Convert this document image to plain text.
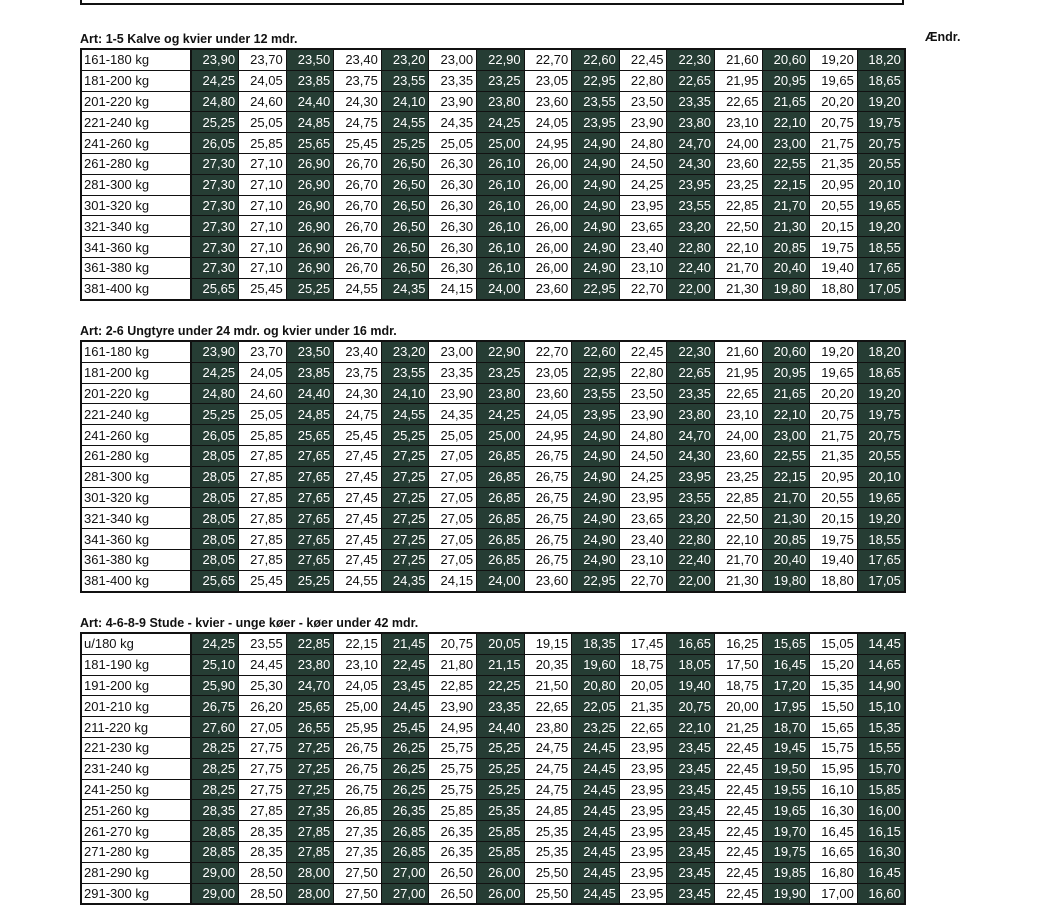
Ændr.
Art: 1-5 Kalve og kvier under 12 mdr.
161-180 kg	23,90	23,70	23,50	23,40	23,20	23,00	22,90	22,70	22,60	22,45	22,30	21,60	20,60	19,20	18,20
181-200 kg	24,25	24,05	23,85	23,75	23,55	23,35	23,25	23,05	22,95	22,80	22,65	21,95	20,95	19,65	18,65
201-220 kg	24,80	24,60	24,40	24,30	24,10	23,90	23,80	23,60	23,55	23,50	23,35	22,65	21,65	20,20	19,20
221-240 kg	25,25	25,05	24,85	24,75	24,55	24,35	24,25	24,05	23,95	23,90	23,80	23,10	22,10	20,75	19,75
241-260 kg	26,05	25,85	25,65	25,45	25,25	25,05	25,00	24,95	24,90	24,80	24,70	24,00	23,00	21,75	20,75
261-280 kg	27,30	27,10	26,90	26,70	26,50	26,30	26,10	26,00	24,90	24,50	24,30	23,60	22,55	21,35	20,55
281-300 kg	27,30	27,10	26,90	26,70	26,50	26,30	26,10	26,00	24,90	24,25	23,95	23,25	22,15	20,95	20,10
301-320 kg	27,30	27,10	26,90	26,70	26,50	26,30	26,10	26,00	24,90	23,95	23,55	22,85	21,70	20,55	19,65
321-340 kg	27,30	27,10	26,90	26,70	26,50	26,30	26,10	26,00	24,90	23,65	23,20	22,50	21,30	20,15	19,20
341-360 kg	27,30	27,10	26,90	26,70	26,50	26,30	26,10	26,00	24,90	23,40	22,80	22,10	20,85	19,75	18,55
361-380 kg	27,30	27,10	26,90	26,70	26,50	26,30	26,10	26,00	24,90	23,10	22,40	21,70	20,40	19,40	17,65
381-400 kg	25,65	25,45	25,25	24,55	24,35	24,15	24,00	23,60	22,95	22,70	22,00	21,30	19,80	18,80	17,05
Art: 2-6 Ungtyre under 24 mdr. og kvier under 16 mdr.
161-180 kg	23,90	23,70	23,50	23,40	23,20	23,00	22,90	22,70	22,60	22,45	22,30	21,60	20,60	19,20	18,20
181-200 kg	24,25	24,05	23,85	23,75	23,55	23,35	23,25	23,05	22,95	22,80	22,65	21,95	20,95	19,65	18,65
201-220 kg	24,80	24,60	24,40	24,30	24,10	23,90	23,80	23,60	23,55	23,50	23,35	22,65	21,65	20,20	19,20
221-240 kg	25,25	25,05	24,85	24,75	24,55	24,35	24,25	24,05	23,95	23,90	23,80	23,10	22,10	20,75	19,75
241-260 kg	26,05	25,85	25,65	25,45	25,25	25,05	25,00	24,95	24,90	24,80	24,70	24,00	23,00	21,75	20,75
261-280 kg	28,05	27,85	27,65	27,45	27,25	27,05	26,85	26,75	24,90	24,50	24,30	23,60	22,55	21,35	20,55
281-300 kg	28,05	27,85	27,65	27,45	27,25	27,05	26,85	26,75	24,90	24,25	23,95	23,25	22,15	20,95	20,10
301-320 kg	28,05	27,85	27,65	27,45	27,25	27,05	26,85	26,75	24,90	23,95	23,55	22,85	21,70	20,55	19,65
321-340 kg	28,05	27,85	27,65	27,45	27,25	27,05	26,85	26,75	24,90	23,65	23,20	22,50	21,30	20,15	19,20
341-360 kg	28,05	27,85	27,65	27,45	27,25	27,05	26,85	26,75	24,90	23,40	22,80	22,10	20,85	19,75	18,55
361-380 kg	28,05	27,85	27,65	27,45	27,25	27,05	26,85	26,75	24,90	23,10	22,40	21,70	20,40	19,40	17,65
381-400 kg	25,65	25,45	25,25	24,55	24,35	24,15	24,00	23,60	22,95	22,70	22,00	21,30	19,80	18,80	17,05
Art: 4-6-8-9 Stude - kvier - unge køer - køer under 42 mdr.
u/180 kg	24,25	23,55	22,85	22,15	21,45	20,75	20,05	19,15	18,35	17,45	16,65	16,25	15,65	15,05	14,45
181-190 kg	25,10	24,45	23,80	23,10	22,45	21,80	21,15	20,35	19,60	18,75	18,05	17,50	16,45	15,20	14,65
191-200 kg	25,90	25,30	24,70	24,05	23,45	22,85	22,25	21,50	20,80	20,05	19,40	18,75	17,20	15,35	14,90
201-210 kg	26,75	26,20	25,65	25,00	24,45	23,90	23,35	22,65	22,05	21,35	20,75	20,00	17,95	15,50	15,10
211-220 kg	27,60	27,05	26,55	25,95	25,45	24,95	24,40	23,80	23,25	22,65	22,10	21,25	18,70	15,65	15,35
221-230 kg	28,25	27,75	27,25	26,75	26,25	25,75	25,25	24,75	24,45	23,95	23,45	22,45	19,45	15,75	15,55
231-240 kg	28,25	27,75	27,25	26,75	26,25	25,75	25,25	24,75	24,45	23,95	23,45	22,45	19,50	15,95	15,70
241-250 kg	28,25	27,75	27,25	26,75	26,25	25,75	25,25	24,75	24,45	23,95	23,45	22,45	19,55	16,10	15,85
251-260 kg	28,35	27,85	27,35	26,85	26,35	25,85	25,35	24,85	24,45	23,95	23,45	22,45	19,65	16,30	16,00
261-270 kg	28,85	28,35	27,85	27,35	26,85	26,35	25,85	25,35	24,45	23,95	23,45	22,45	19,70	16,45	16,15
271-280 kg	28,85	28,35	27,85	27,35	26,85	26,35	25,85	25,35	24,45	23,95	23,45	22,45	19,75	16,65	16,30
281-290 kg	29,00	28,50	28,00	27,50	27,00	26,50	26,00	25,50	24,45	23,95	23,45	22,45	19,85	16,80	16,45
291-300 kg	29,00	28,50	28,00	27,50	27,00	26,50	26,00	25,50	24,45	23,95	23,45	22,45	19,90	17,00	16,60
